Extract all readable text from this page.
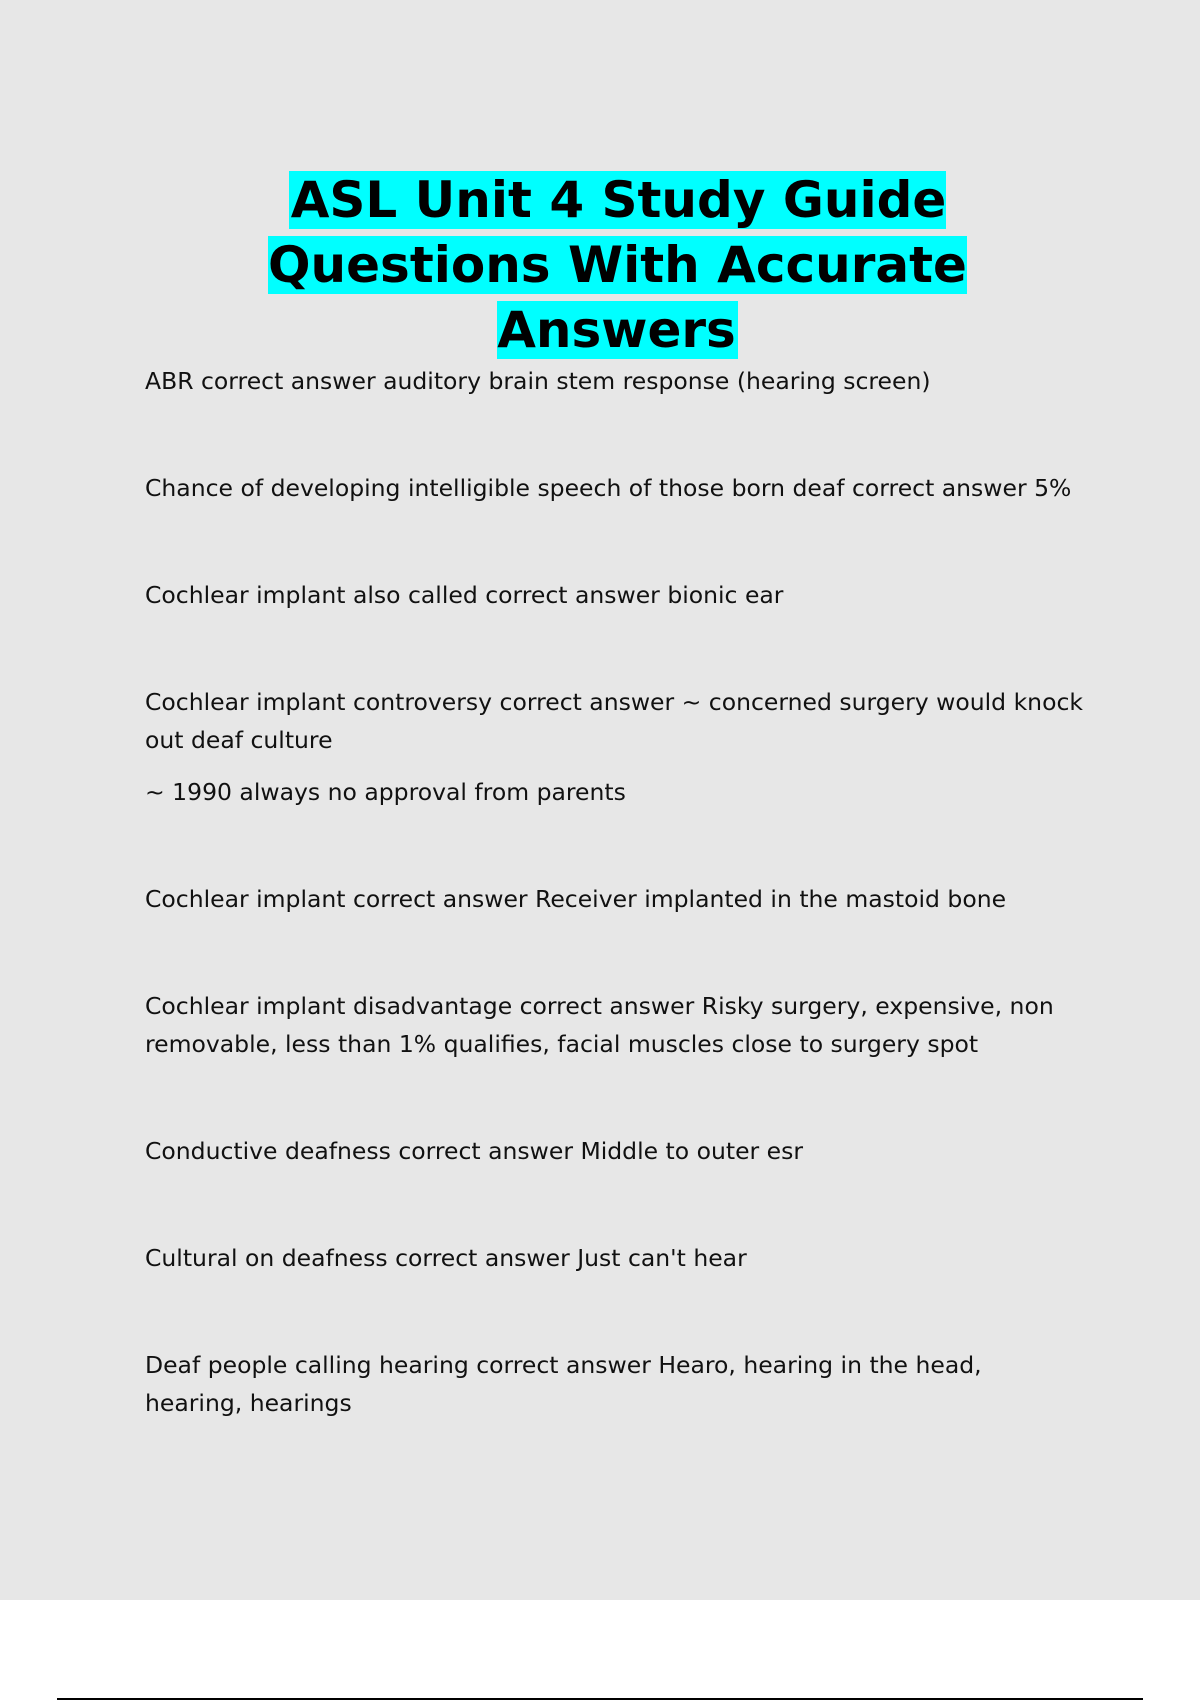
ASL Unit 4 Study Guide Questions With Accurate Answers

ABR correct answer auditory brain stem response (hearing screen)

Chance of developing intelligible speech of those born deaf correct answer 5%

Cochlear implant also called correct answer bionic ear

Cochlear implant controversy correct answer ~ concerned surgery would knock out deaf culture

~ 1990 always no approval from parents

Cochlear implant correct answer Receiver implanted in the mastoid bone

Cochlear implant disadvantage correct answer Risky surgery, expensive, non removable, less than 1% qualifies, facial muscles close to surgery spot

Conductive deafness correct answer Middle to outer esr

Cultural on deafness correct answer Just can't hear

Deaf people calling hearing correct answer Hearo, hearing in the head, hearing, hearings
